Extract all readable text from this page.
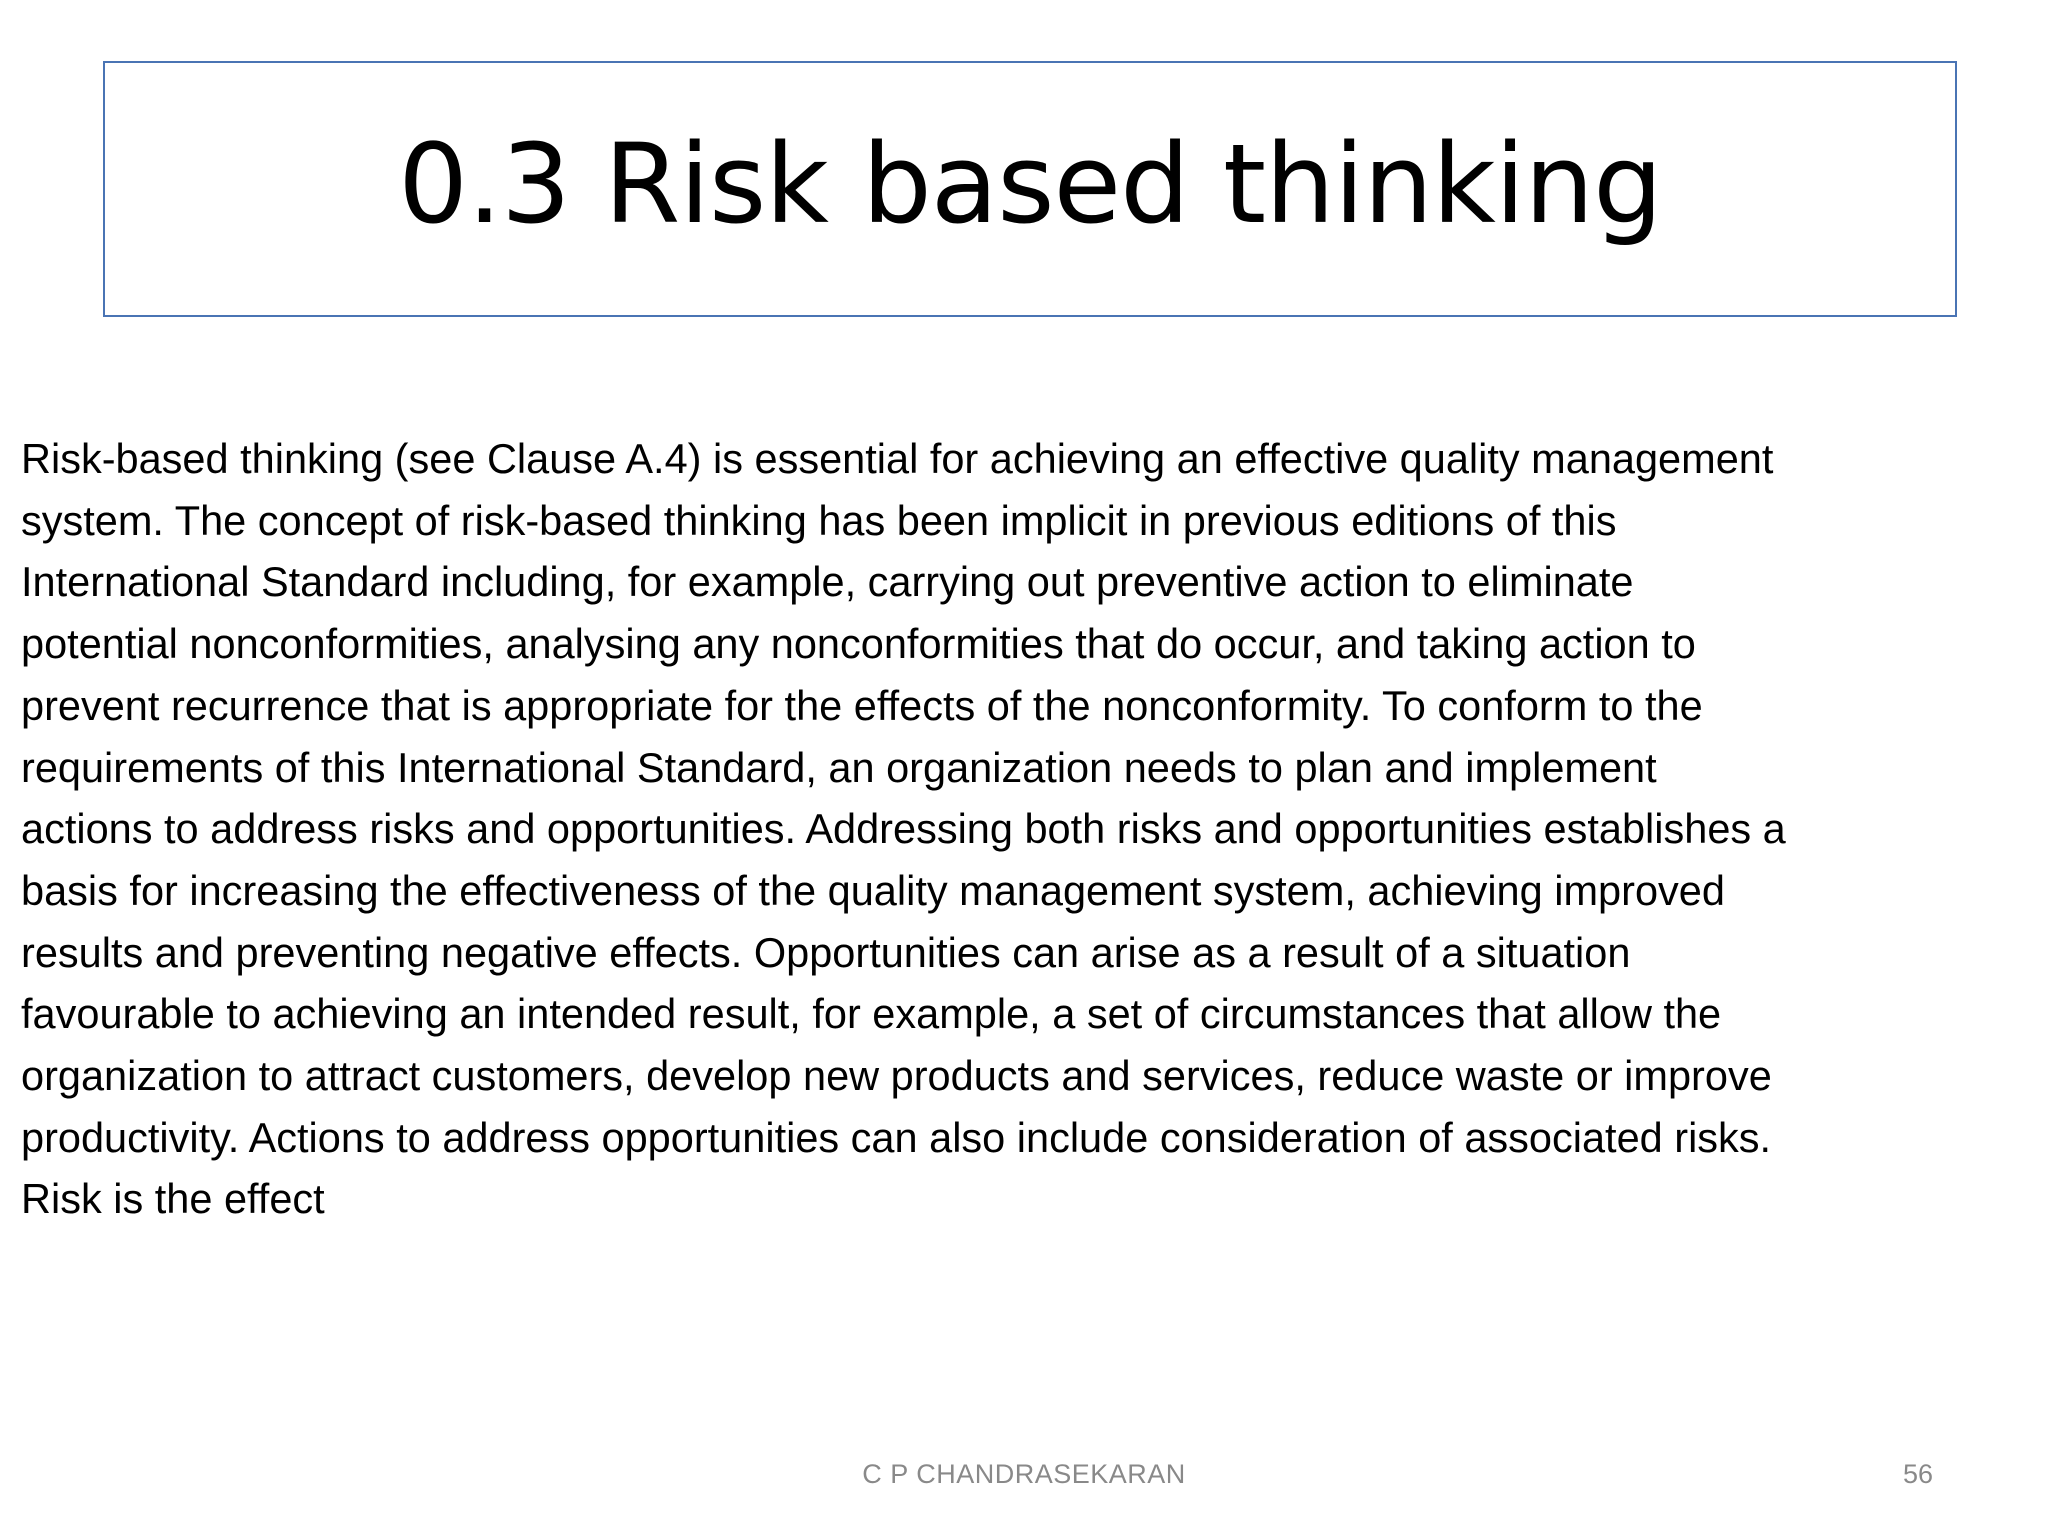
0.3 Risk based thinking
Risk-based thinking (see Clause A.4) is essential for achieving an effective quality management
system. The concept of risk-based thinking has been implicit in previous editions of this
International Standard including, for example, carrying out preventive action to eliminate
potential nonconformities, analysing any nonconformities that do occur, and taking action to
prevent recurrence that is appropriate for the effects of the nonconformity. To conform to the
requirements of this International Standard, an organization needs to plan and implement
actions to address risks and opportunities. Addressing both risks and opportunities establishes a
basis for increasing the effectiveness of the quality management system, achieving improved
results and preventing negative effects. Opportunities can arise as a result of a situation
favourable to achieving an intended result, for example, a set of circumstances that allow the
organization to attract customers, develop new products and services, reduce waste or improve
productivity. Actions to address opportunities can also include consideration of associated risks.
Risk is the effect
C P CHANDRASEKARAN	56
